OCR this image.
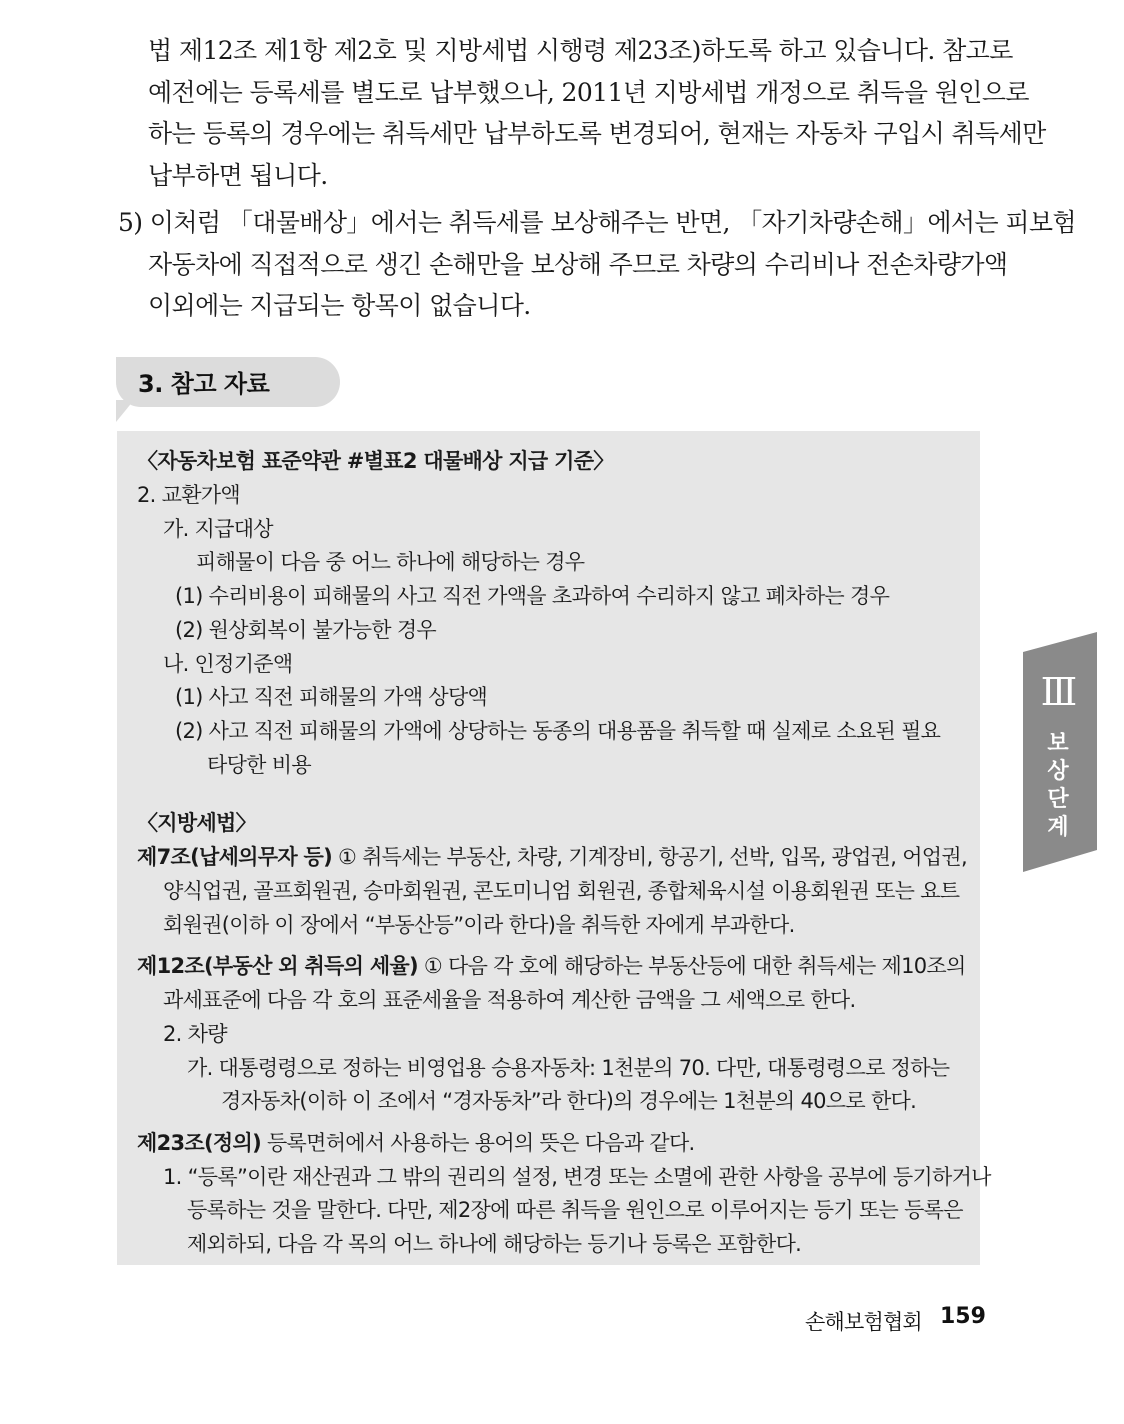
법 제12조 제1항 제2호 및 지방세법 시행령 제23조)하도록 하고 있습니다. 참고로
예전에는 등록세를 별도로 납부했으나, 2011년 지방세법 개정으로 취득을 원인으로
하는 등록의 경우에는 취득세만 납부하도록 변경되어, 현재는 자동차 구입시 취득세만
납부하면 됩니다.
5) 이처럼 「대물배상」에서는 취득세를 보상해주는 반면, 「자기차량손해」에서는 피보험
자동차에 직접적으로 생긴 손해만을 보상해 주므로 차량의 수리비나 전손차량가액
이외에는 지급되는 항목이 없습니다.
3. 참고 자료
〈자동차보험 표준약관 #별표2 대물배상 지급 기준〉
2. 교환가액
가. 지급대상
피해물이 다음 중 어느 하나에 해당하는 경우
(1) 수리비용이 피해물의 사고 직전 가액을 초과하여 수리하지 않고 폐차하는 경우
(2) 원상회복이 불가능한 경우
나. 인정기준액
(1) 사고 직전 피해물의 가액 상당액
(2) 사고 직전 피해물의 가액에 상당하는 동종의 대용품을 취득할 때 실제로 소요된 필요
타당한 비용
〈지방세법〉
제7조(납세의무자 등) ① 취득세는 부동산, 차량, 기계장비, 항공기, 선박, 입목, 광업권, 어업권,
양식업권, 골프회원권, 승마회원권, 콘도미니엄 회원권, 종합체육시설 이용회원권 또는 요트
회원권(이하 이 장에서 “부동산등”이라 한다)을 취득한 자에게 부과한다.
제12조(부동산 외 취득의 세율) ① 다음 각 호에 해당하는 부동산등에 대한 취득세는 제10조의
과세표준에 다음 각 호의 표준세율을 적용하여 계산한 금액을 그 세액으로 한다.
2. 차량
가. 대통령령으로 정하는 비영업용 승용자동차: 1천분의 70. 다만, 대통령령으로 정하는
경자동차(이하 이 조에서 “경자동차”라 한다)의 경우에는 1천분의 40으로 한다.
제23조(정의) 등록면허에서 사용하는 용어의 뜻은 다음과 같다.
1. “등록”이란 재산권과 그 밖의 권리의 설정, 변경 또는 소멸에 관한 사항을 공부에 등기하거나
등록하는 것을 말한다. 다만, 제2장에 따른 취득을 원인으로 이루어지는 등기 또는 등록은
제외하되, 다음 각 목의 어느 하나에 해당하는 등기나 등록은 포함한다.
Ⅲ
보
상
단
계
손해보험협회 159
